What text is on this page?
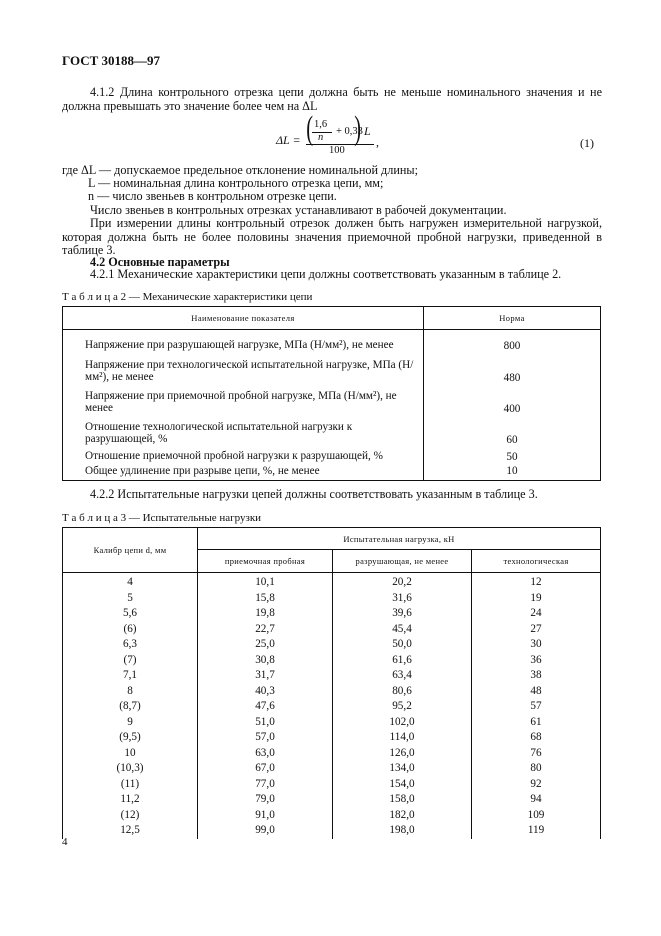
ГОСТ 30188—97
4.1.2 Длина контрольного отрезка цепи должна быть не меньше номинального значения и не должна превышать это значение более чем на ΔL
ΔL = ( 1,6
n
+ 0,33
) L
100
,	(1)
где ΔL — допускаемое предельное отклонение номинальной длины;
L — номинальная длина контрольного отрезка цепи, мм;
n — число звеньев в контрольном отрезке цепи.
Число звеньев в контрольных отрезках устанавливают в рабочей документации.
При измерении длины контрольный отрезок должен быть нагружен измерительной нагрузкой, которая должна быть не более половины значения приемочной пробной нагрузки, приведенной в таблице 3.
4.2 Основные параметры
4.2.1 Механические характеристики цепи должны соответствовать указанным в таблице 2.
Т а б л и ц а 2 — Механические характеристики цепи
Наименование показателя	Норма
Напряжение при разрушающей нагрузке, МПа (Н/мм²), не менее	800
Напряжение при технологической испытательной нагрузке, МПа (Н/мм²), не менее	480
Напряжение при приемочной пробной нагрузке, МПа (Н/мм²), не менее	400
Отношение технологической испытательной нагрузки к разрушающей, %	60
Отношение приемочной пробной нагрузки к разрушающей, %	50
Общее удлинение при разрыве цепи, %, не менее	10
4.2.2 Испытательные нагрузки цепей должны соответствовать указанным в таблице 3.
Т а б л и ц а 3 — Испытательные нагрузки
Калибр цепи d, мм	Испытательная нагрузка, кН		
	приемочная пробная	разрушающая, не менее	технологическая
4	10,1	20,2	12
5	15,8	31,6	19
5,6	19,8	39,6	24
(6)	22,7	45,4	27
6,3	25,0	50,0	30
(7)	30,8	61,6	36
7,1	31,7	63,4	38
8	40,3	80,6	48
(8,7)	47,6	95,2	57
9	51,0	102,0	61
(9,5)	57,0	114,0	68
10	63,0	126,0	76
(10,3)	67,0	134,0	80
(11)	77,0	154,0	92
11,2	79,0	158,0	94
(12)	91,0	182,0	109
12,5	99,0	198,0	119
4
